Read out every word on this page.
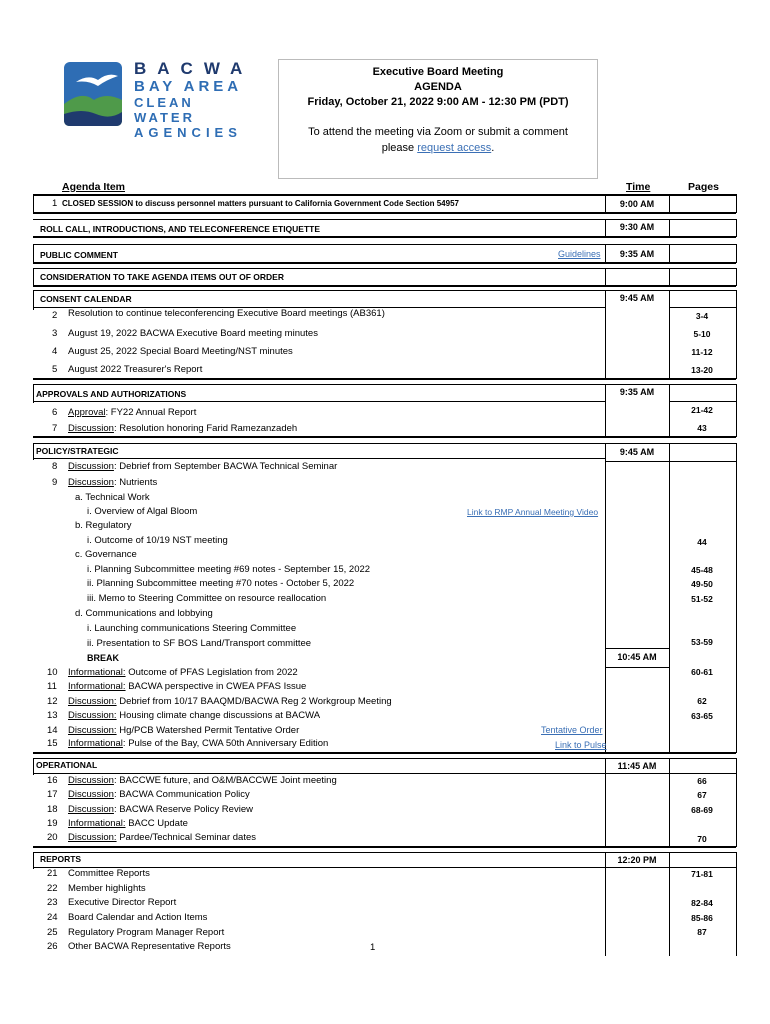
BACWA
BAY AREA
CLEAN WATER
AGENCIES
Executive Board Meeting
AGENDA
Friday, October 21, 2022 9:00 AM - 12:30 PM (PDT)
To attend the meeting via Zoom or submit a comment
please request access.
Agenda Item	Time	Pages
1 CLOSED SESSION to discuss personnel matters pursuant to California Government Code Section 54957	9:00 AM
ROLL CALL, INTRODUCTIONS, AND TELECONFERENCE ETIQUETTE	9:30 AM
PUBLIC COMMENT	Guidelines	9:35 AM
CONSIDERATION TO TAKE AGENDA ITEMS OUT OF ORDER
CONSENT CALENDAR	9:45 AM
2 Resolution to continue teleconferencing Executive Board meetings (AB361)	3-4
3 August 19, 2022 BACWA Executive Board meeting minutes	5-10
4 August 25, 2022 Special Board Meeting/NST minutes	11-12
5 August 2022 Treasurer's Report	13-20
APPROVALS AND AUTHORIZATIONS	9:35 AM
6 Approval: FY22 Annual Report	21-42
7 Discussion: Resolution honoring Farid Ramezanzadeh	43
POLICY/STRATEGIC	9:45 AM
8 Discussion: Debrief from September BACWA Technical Seminar
9 Discussion: Nutrients
a. Technical Work
i. Overview of Algal Bloom	Link to RMP Annual Meeting Video
b. Regulatory
i. Outcome of 10/19 NST meeting	44
c. Governance
i. Planning Subcommittee meeting #69 notes - September 15, 2022	45-48
ii. Planning Subcommittee meeting #70 notes - October 5, 2022	49-50
iii. Memo to Steering Committee on resource reallocation	51-52
d. Communications and lobbying
i. Launching communications Steering Committee
ii. Presentation to SF BOS Land/Transport committee	53-59
BREAK	10:45 AM
10 Informational: Outcome of PFAS Legislation from 2022	60-61
11 Informational: BACWA perspective in CWEA PFAS Issue
12 Discussion: Debrief from 10/17 BAAQMD/BACWA Reg 2 Workgroup Meeting	62
13 Discussion: Housing climate change discussions at BACWA	63-65
14 Discussion: Hg/PCB Watershed Permit Tentative Order	Tentative Order
15 Informational: Pulse of the Bay, CWA 50th Anniversary Edition	Link to Pulse
OPERATIONAL	11:45 AM
16 Discussion: BACCWE future, and O&M/BACCWE Joint meeting	66
17 Discussion: BACWA Communication Policy	67
18 Discussion: BACWA Reserve Policy Review	68-69
19 Informational: BACC Update
20 Discussion: Pardee/Technical Seminar dates	70
REPORTS	12:20 PM
21 Committee Reports	71-81
22 Member highlights
23 Executive Director Report	82-84
24 Board Calendar and Action Items	85-86
25 Regulatory Program Manager Report	87
26 Other BACWA Representative Reports	1
